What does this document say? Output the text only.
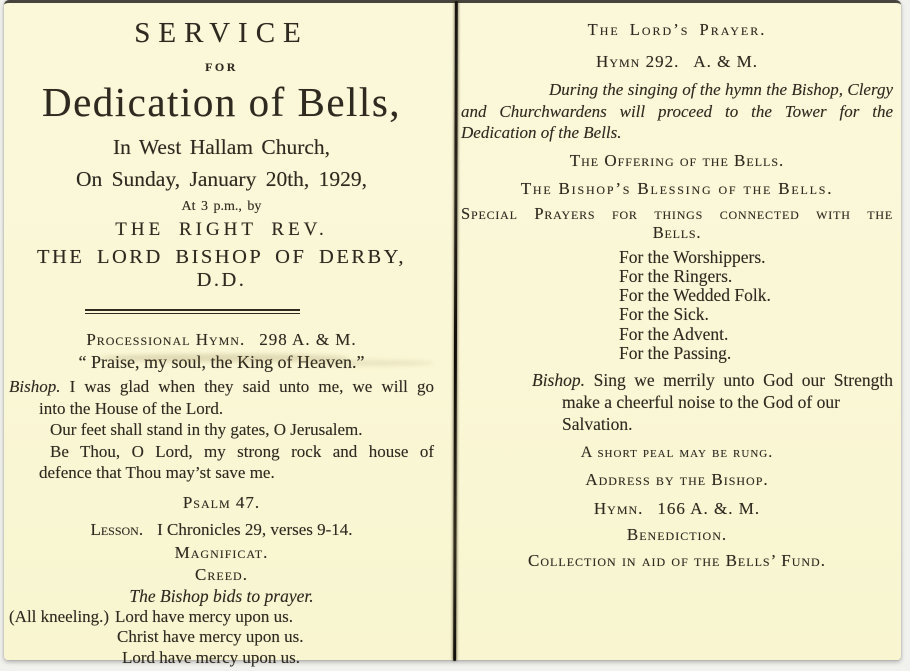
SERVICE
FOR
Dedication of Bells,
In West Hallam Church,
On Sunday, January 20th, 1929,
At 3 p.m., by
THE RIGHT REV.
THE LORD BISHOP OF DERBY, D.D.
Processional Hymn. 298 A. & M.
“ Praise, my soul, the King of Heaven.”
Bishop. I was glad when they said unto me, we will go
into the House of the Lord.
Our feet shall stand in thy gates, O Jerusalem.
Be Thou, O Lord, my strong rock and house of
defence that Thou may’st save me.
Psalm 47.
Lesson. I Chronicles 29, verses 9-14.
Magnificat.
Creed.
The Bishop bids to prayer.
(All kneeling.) Lord have mercy upon us.
Christ have mercy upon us.
Lord have mercy upon us.
The Lord’s Prayer.
Hymn 292. A. & M.
During the singing of the hymn the Bishop, Clergy
and Churchwardens will proceed to the Tower for the
Dedication of the Bells.
The Offering of the Bells.
The Bishop’s Blessing of the Bells.
Special Prayers for things connected with the
Bells.
For the Worshippers.
For the Ringers.
For the Wedded Folk.
For the Sick.
For the Advent.
For the Passing.
Bishop. Sing we merrily unto God our Strength
make a cheerful noise to the God of our Salvation.
A short peal may be rung.
Address by the Bishop.
Hymn. 166 A. &. M.
Benediction.
Collection in aid of the Bells’ Fund.
